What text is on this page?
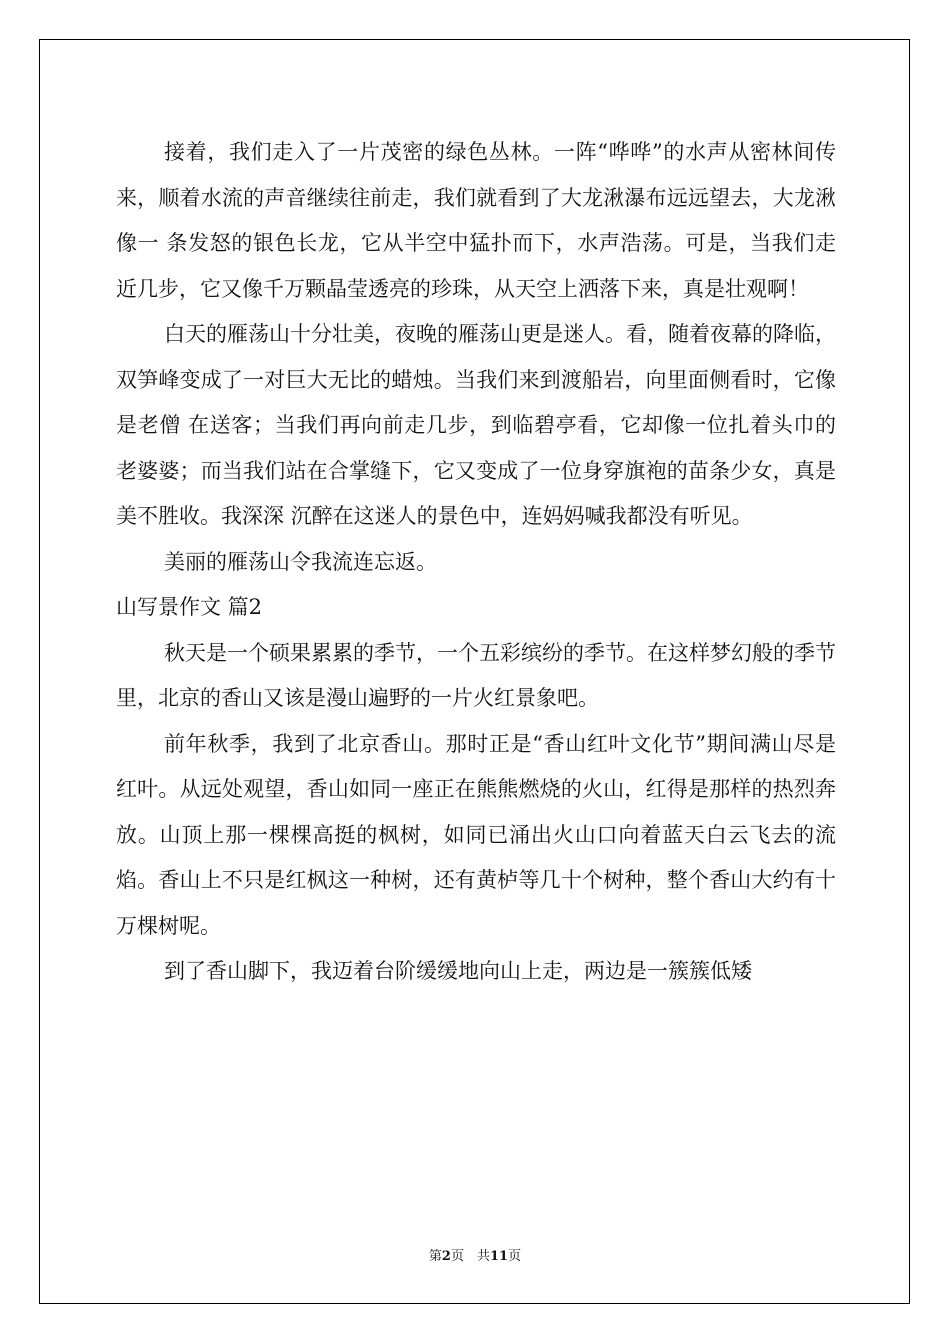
接着，我们走入了一片茂密的绿色丛林。一阵“哗哗”的水声从密林间传来，顺着水流的声音继续往前走，我们就看到了大龙湫瀑布远远望去，大龙湫像一 条发怒的银色长龙，它从半空中猛扑而下，水声浩荡。可是，当我们走近几步，它又像千万颗晶莹透亮的珍珠，从天空上洒落下来，真是壮观啊！

白天的雁荡山十分壮美，夜晚的雁荡山更是迷人。看，随着夜幕的降临，双笋峰变成了一对巨大无比的蜡烛。当我们来到渡船岩，向里面侧看时，它像是老僧 在送客；当我们再向前走几步，到临碧亭看，它却像一位扎着头巾的老婆婆；而当我们站在合掌缝下，它又变成了一位身穿旗袍的苗条少女，真是美不胜收。我深深 沉醉在这迷人的景色中，连妈妈喊我都没有听见。

美丽的雁荡山令我流连忘返。

山写景作文 篇2

秋天是一个硕果累累的季节，一个五彩缤纷的季节。在这样梦幻般的季节里，北京的香山又该是漫山遍野的一片火红景象吧。

前年秋季，我到了北京香山。那时正是“香山红叶文化节”期间满山尽是红叶。从远处观望，香山如同一座正在熊熊燃烧的火山，红得是那样的热烈奔放。山顶上那一棵棵高挺的枫树，如同已涌出火山口向着蓝天白云飞去的流焰。香山上不只是红枫这一种树，还有黄栌等几十个树种，整个香山大约有十万棵树呢。

到了香山脚下，我迈着台阶缓缓地向山上走，两边是一簇簇低矮

第2页　共11页
